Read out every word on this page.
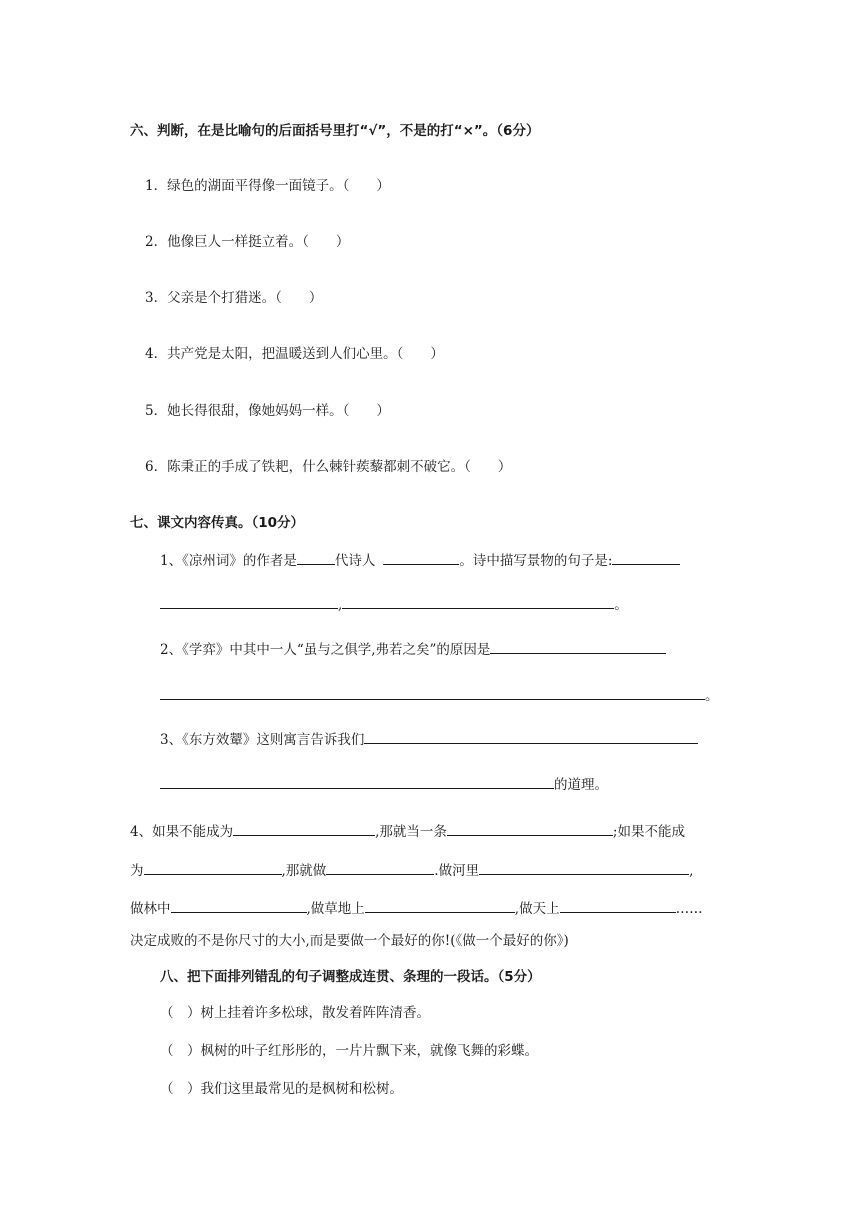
六、判断，在是比喻句的后面括号里打“√”，不是的打“×”。（6分）
1．绿色的湖面平得像一面镜子。（　　）
2．他像巨人一样挺立着。（　　）
3．父亲是个打猎迷。（　　）
4．共产党是太阳，把温暖送到人们心里。（　　）
5．她长得很甜，像她妈妈一样。（　　）
6．陈秉正的手成了铁耙，什么棘针蒺藜都刺不破它。（　　）
七、课文内容传真。（10分）
1、《凉州词》的作者是	代诗人	。诗中描写景物的句子是:
,	。
2、《学弈》中其中一人“虽与之俱学,弗若之矣”的原因是
。
3、《东方效颦》这则寓言告诉我们
的道理。
4、如果不能成为	,那就当一条	;如果不能成
为	,那就做	.做河里	,
做林中	,做草地上	,做天上	……
决定成败的不是你尺寸的大小,而是要做一个最好的你!(《做一个最好的你》)
八、把下面排列错乱的句子调整成连贯、条理的一段话。（5分）
（　）树上挂着许多松球，散发着阵阵清香。
（　）枫树的叶子红彤彤的，一片片飘下来，就像飞舞的彩蝶。
（　）我们这里最常见的是枫树和松树。
